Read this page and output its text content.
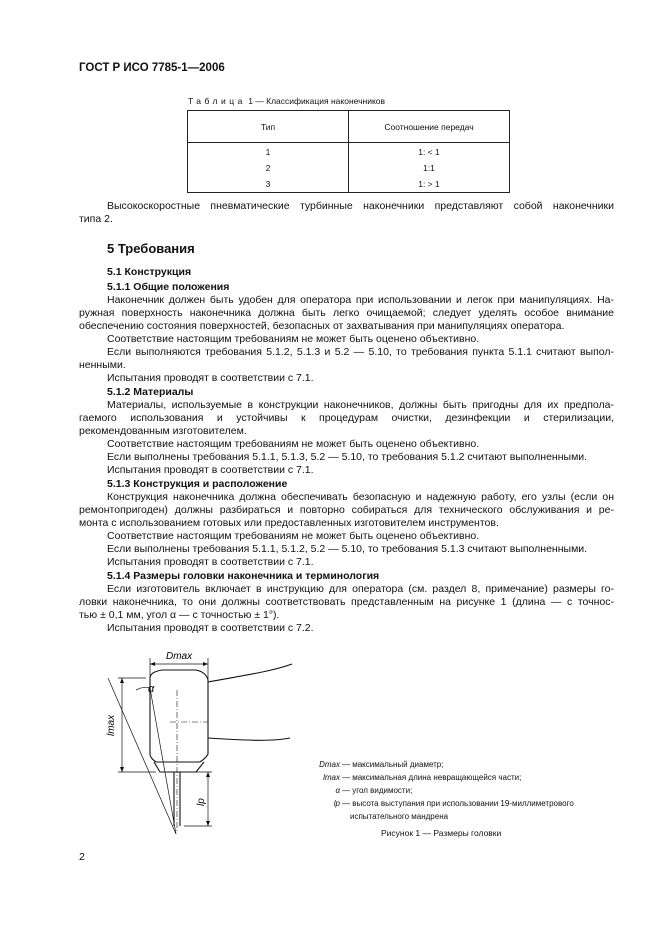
ГОСТ Р ИСО 7785-1—2006
Таблица 1 — Классификация наконечников
Тип	Соотношение передач
1	1: < 1
2	1:1
3	1: > 1

Высокоскоростные пневматические турбинные наконечники представляют собой наконечники

типа 2.

5 Требования

5.1 Конструкция

5.1.1 Общие положения

Наконечник должен быть удобен для оператора при использовании и легок при манипуляциях. На-

ружная поверхность наконечника должна быть легко очищаемой; следует уделять особое внимание

обеспечению состояния поверхностей, безопасных от захватывания при манипуляциях оператора.

Соответствие настоящим требованиям не может быть оценено объективно.

Если выполняются требования 5.1.2, 5.1.3 и 5.2 — 5.10, то требования пункта 5.1.1 считают выпол-

ненными.

Испытания проводят в соответствии с 7.1.

5.1.2 Материалы

Материалы, используемые в конструкции наконечников, должны быть пригодны для их предпола-

гаемого использования и устойчивы к процедурам очистки, дезинфекции и стерилизации,

рекомендованным изготовителем.

Соответствие настоящим требованиям не может быть оценено объективно.

Если выполнены требования 5.1.1, 5.1.3, 5.2 — 5.10, то требования 5.1.2 считают выполненными.

Испытания проводят в соответствии с 7.1.

5.1.3 Конструкция и расположение

Конструкция наконечника должна обеспечивать безопасную и надежную работу, его узлы (если он

ремонтопригоден) должны разбираться и повторно собираться для технического обслуживания и ре-

монта с использованием готовых или предоставленных изготовителем инструментов.

Соответствие настоящим требованиям не может быть оценено объективно.

Если выполнены требования 5.1.1, 5.1.2, 5.2 — 5.10, то требования 5.1.3 считают выполненными.

Испытания проводят в соответствии с 7.1.

5.1.4 Размеры головки наконечника и терминология

Если изготовитель включает в инструкцию для оператора (см. раздел 8, примечание) размеры го-

ловки наконечника, то они должны соответствовать представленным на рисунке 1 (длина — с точнос-

тью ± 0,1 мм, угол α — с точностью ± 1°).

Испытания проводят в соответствии с 7.2.

Dmax
α
lmax
lp
Dmax — максимальный диаметр;
lmax — максимальная длина невращающейся части;
α — угол видимости;
lp — высота выступания при использовании 19-миллиметрового
испытательного мандрена
Рисунок 1 — Размеры головки
2
